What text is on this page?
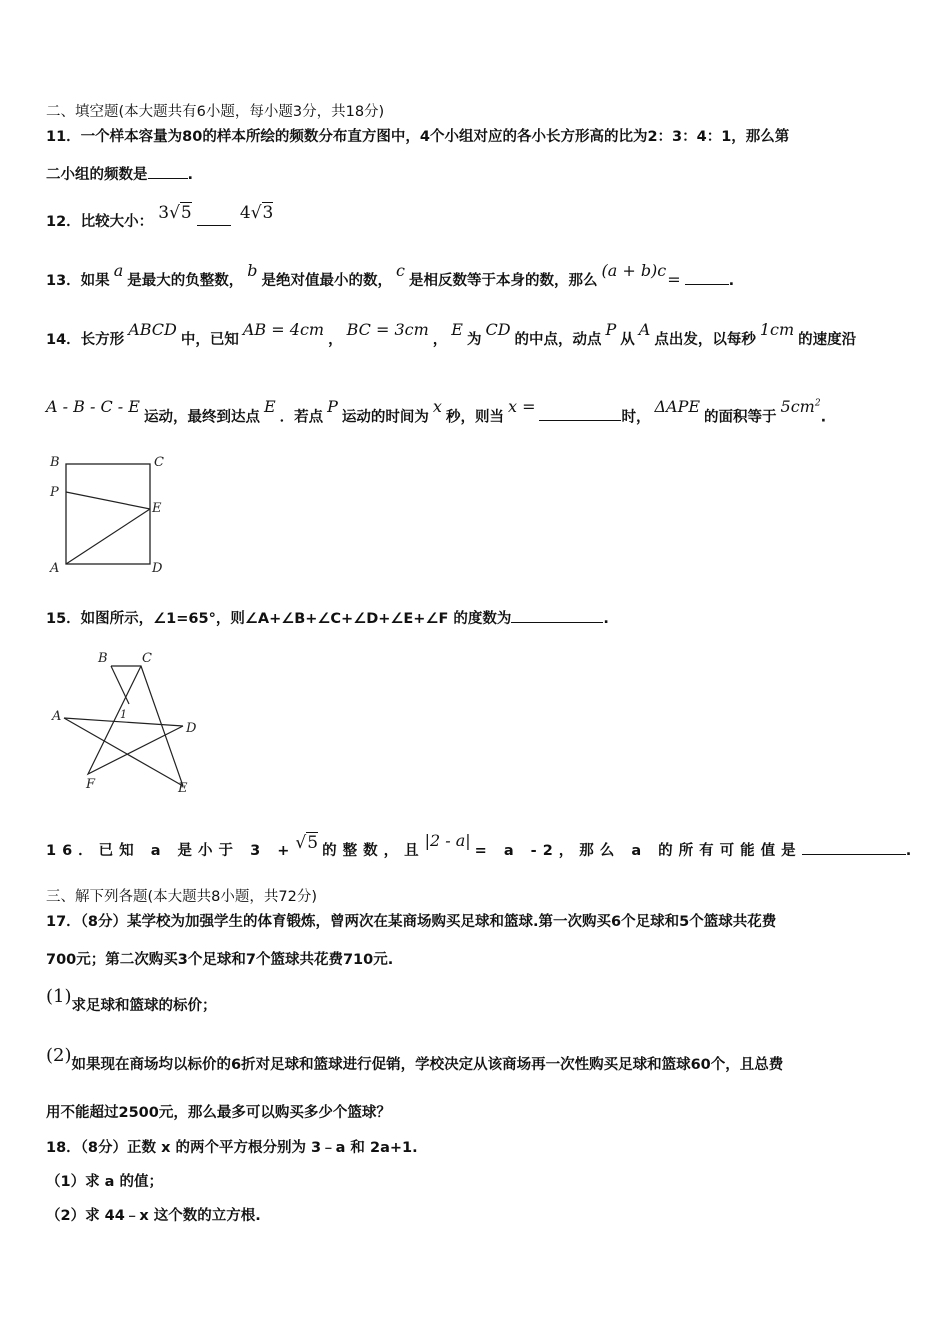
二、填空题(本大题共有6小题，每小题3分，共18分)
11．一个样本容量为80的样本所绘的频数分布直方图中，4个小组对应的各小长方形高的比为2：3：4：1，那么第
二小组的频数是	.
12．比较大小： 3√5	4√3
13．如果a是最大的负整数，b是绝对值最小的数，c是相反数等于本身的数，那么(a + b)c=	.
14．长方形ABCD中，已知AB = 4cm，BC = 3cm，E为CD的中点，动点P从A点出发，以每秒1cm的速度沿
A - B - C - E运动，最终到达点E．若点P运动的时间为x秒，则当x =时，ΔAPE的面积等于$5cm^2$.
B	C
P
E
A	D
15．如图所示，∠1=65°，则∠A+∠B+∠C+∠D+∠E+∠F 的度数为	.
B	C
A	1
D
F	E
16．已知 a 是小于 3 +√5 的整数，且|2 - a|= a -2，那么 a 的所有可能值是	.
三、解下列各题(本大题共8小题，共72分)
17．（8分）某学校为加强学生的体育锻炼，曾两次在某商场购买足球和篮球.第一次购买6个足球和5个篮球共花费
700元；第二次购买3个足球和7个篮球共花费710元.
(1)求足球和篮球的标价；
(2)如果现在商场均以标价的6折对足球和篮球进行促销，学校决定从该商场再一次性购买足球和篮球60个，且总费
用不能超过2500元，那么最多可以购买多少个篮球？
18．（8分）正数 x 的两个平方根分别为 3﹣a 和 2a+1.
（1）求 a 的值；
（2）求 44﹣x 这个数的立方根.
